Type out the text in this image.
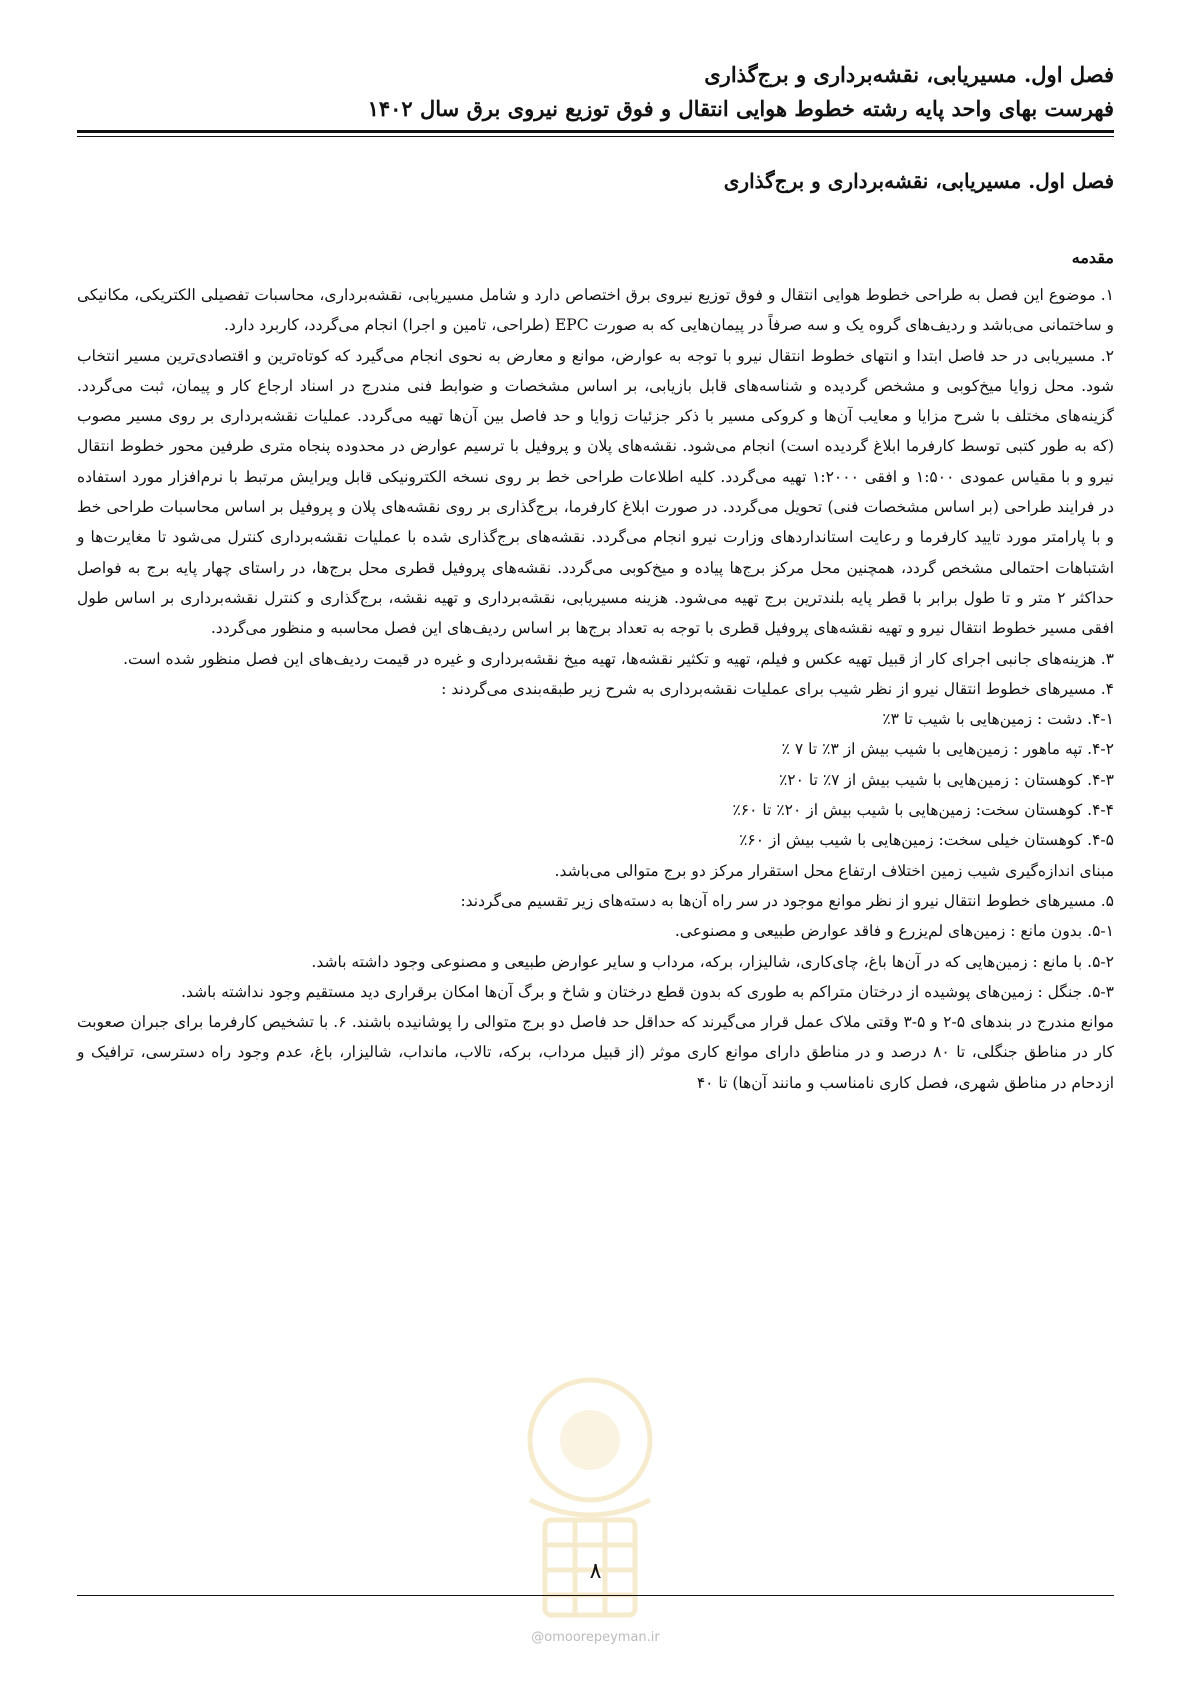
فصل اول. مسیریابی، نقشه‌برداری و برج‌گذاری
فهرست بهای واحد پایه رشته خطوط هوایی انتقال و فوق توزیع نیروی برق سال ۱۴۰۲
فصل اول. مسیریابی، نقشه‌برداری و برج‌گذاری
مقدمه

۱. موضوع این فصل به طراحی خطوط هوایی انتقال و فوق توزیع نیروی برق اختصاص دارد و شامل مسیریابی، نقشه‌برداری، محاسبات تفصیلی الکتریکی، مکانیکی و ساختمانی می‌باشد و ردیف‌های گروه یک و سه صرفاً در پیمان‌هایی که به صورت EPC (طراحی، تامین و اجرا) انجام می‌گردد، کاربرد دارد.

۲. مسیریابی در حد فاصل ابتدا و انتهای خطوط انتقال نیرو با توجه به عوارض، موانع و معارض به نحوی انجام می‌گیرد که کوتاه‌ترین و اقتصادی‌ترین مسیر انتخاب شود. محل زوایا میخ‌کوبی و مشخص گردیده و شناسه‌های قابل بازیابی، بر اساس مشخصات و ضوابط فنی مندرج در اسناد ارجاع کار و پیمان، ثبت می‌گردد. گزینه‌های مختلف با شرح مزایا و معایب آن‌ها و کروکی مسیر با ذکر جزئیات زوایا و حد فاصل بین آن‌ها تهیه می‌گردد. عملیات نقشه‌برداری بر روی مسیر مصوب (که به طور کتبی توسط کارفرما ابلاغ گردیده است) انجام می‌شود. نقشه‌های پلان و پروفیل با ترسیم عوارض در محدوده پنجاه متری طرفین محور خطوط انتقال نیرو و با مقیاس عمودی ۱:۵۰۰ و افقی ۱:۲۰۰۰ تهیه می‌گردد. کلیه اطلاعات طراحی خط بر روی نسخه الکترونیکی قابل ویرایش مرتبط با نرم‌افزار مورد استفاده در فرایند طراحی (بر اساس مشخصات فنی) تحویل می‌گردد. در صورت ابلاغ کارفرما، برج‌گذاری بر روی نقشه‌های پلان و پروفیل بر اساس محاسبات طراحی خط و با پارامتر مورد تایید کارفرما و رعایت استانداردهای وزارت نیرو انجام می‌گردد. نقشه‌های برج‌گذاری شده با عملیات نقشه‌برداری کنترل می‌شود تا مغایرت‌ها و اشتباهات احتمالی مشخص گردد، همچنین محل مرکز برج‌ها پیاده و میخ‌کوبی می‌گردد. نقشه‌های پروفیل قطری محل برج‌ها، در راستای چهار پایه برج به فواصل حداکثر ۲ متر و تا طول برابر با قطر پایه بلندترین برج تهیه می‌شود. هزینه مسیریابی، نقشه‌برداری و تهیه نقشه، برج‌گذاری و کنترل نقشه‌برداری بر اساس طول افقی مسیر خطوط انتقال نیرو و تهیه نقشه‌های پروفیل قطری با توجه به تعداد برج‌ها بر اساس ردیف‌های این فصل محاسبه و منظور می‌گردد.

۳. هزینه‌های جانبی اجرای کار از قبیل تهیه عکس و فیلم، تهیه و تکثیر نقشه‌ها، تهیه میخ نقشه‌برداری و غیره در قیمت ردیف‌های این فصل منظور شده است.

۴. مسیرهای خطوط انتقال نیرو از نظر شیب برای عملیات نقشه‌برداری به شرح زیر طبقه‌بندی می‌گردند :

۴-۱. دشت : زمین‌هایی با شیب تا ۳٪

۴-۲. تپه ماهور : زمین‌هایی با شیب بیش از ۳٪ تا ۷ ٪

۴-۳. کوهستان : زمین‌هایی با شیب بیش از ۷٪ تا ۲۰٪

۴-۴. کوهستان سخت: زمین‌هایی با شیب بیش از ۲۰٪ تا ۶۰٪

۴-۵. کوهستان خیلی سخت: زمین‌هایی با شیب بیش از ۶۰٪

مبنای اندازه‌گیری شیب زمین اختلاف ارتفاع محل استقرار مرکز دو برج متوالی می‌باشد.

۵. مسیرهای خطوط انتقال نیرو از نظر موانع موجود در سر راه آن‌ها به دسته‌های زیر تقسیم می‌گردند:

۵-۱. بدون مانع : زمین‌های لم‌یزرع و فاقد عوارض طبیعی و مصنوعی.

۵-۲. با مانع : زمین‌هایی که در آن‌ها باغ، چای‌کاری، شالیزار، برکه، مرداب و سایر عوارض طبیعی و مصنوعی وجود داشته باشد.

۵-۳. جنگل : زمین‌های پوشیده از درختان متراکم به طوری که بدون قطع درختان و شاخ و برگ آن‌ها امکان برقراری دید مستقیم وجود نداشته باشد.

موانع مندرج در بندهای ۵-۲ و ۵-۳ وقتی ملاک عمل قرار می‌گیرند که حداقل حد فاصل دو برج متوالی را پوشانیده باشند. ۶. با تشخیص کارفرما برای جبران صعوبت کار در مناطق جنگلی، تا ۸۰ درصد و در مناطق دارای موانع کاری موثر (از قبیل مرداب، برکه، تالاب، مانداب، شالیزار، باغ، عدم وجود راه دسترسی، ترافیک و ازدحام در مناطق شهری، فصل کاری نامناسب و مانند آن‌ها) تا ۴۰

۸
@omoorepeyman.ir
